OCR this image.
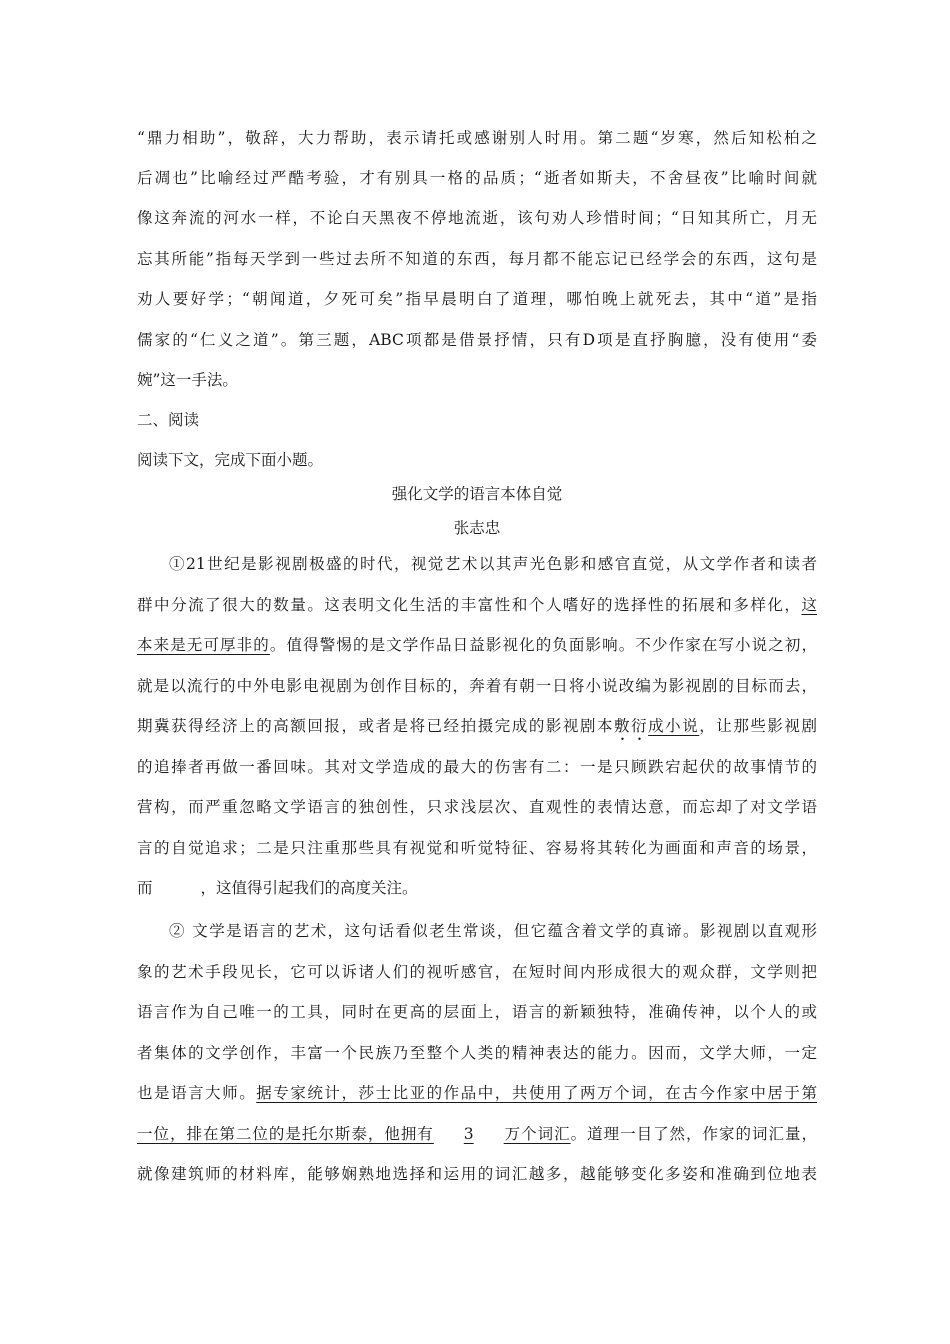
“鼎力相助”，敬辞，大力帮助，表示请托或感谢别人时用。第二题“岁寒，然后知松柏之
后凋也”比喻经过严酷考验，才有别具一格的品质；“逝者如斯夫，不舍昼夜”比喻时间就
像这奔流的河水一样，不论白天黑夜不停地流逝，该句劝人珍惜时间；“日知其所亡，月无
忘其所能”指每天学到一些过去所不知道的东西，每月都不能忘记已经学会的东西，这句是
劝人要好学；“朝闻道，夕死可矣”指早晨明白了道理，哪怕晚上就死去，其中“道”是指
儒家的“仁义之道”。第三题，ABC项都是借景抒情，只有D项是直抒胸臆，没有使用“委
婉”这一手法。
二、阅读
阅读下文，完成下面小题。
强化文学的语言本体自觉
张志忠
①21世纪是影视剧极盛的时代，视觉艺术以其声光色影和感官直觉，从文学作者和读者
群中分流了很大的数量。这表明文化生活的丰富性和个人嗜好的选择性的拓展和多样化，这
本来是无可厚非的。值得警惕的是文学作品日益影视化的负面影响。不少作家在写小说之初，
就是以流行的中外电影电视剧为创作目标的，奔着有朝一日将小说改编为影视剧的目标而去，
期冀获得经济上的高额回报，或者是将已经拍摄完成的影视剧本敷衍成小说，让那些影视剧
的追捧者再做一番回味。其对文学造成的最大的伤害有二：一是只顾跌宕起伏的故事情节的
营构，而严重忽略文学语言的独创性，只求浅层次、直观性的表情达意，而忘却了对文学语
言的自觉追求；二是只注重那些具有视觉和听觉特征、容易将其转化为画面和声音的场景，
而	，这值得引起我们的高度关注。
② 文学是语言的艺术，这句话看似老生常谈，但它蕴含着文学的真谛。影视剧以直观形
象的艺术手段见长，它可以诉诸人们的视听感官，在短时间内形成很大的观众群，文学则把
语言作为自己唯一的工具，同时在更高的层面上，语言的新颖独特，准确传神，以个人的或
者集体的文学创作，丰富一个民族乃至整个人类的精神表达的能力。因而，文学大师，一定
也是语言大师。据专家统计，莎士比亚的作品中，共使用了两万个词，在古今作家中居于第
一位，排在第二位的是托尔斯泰，他拥有 3 万个词汇。道理一目了然，作家的词汇量，
就像建筑师的材料库，能够娴熟地选择和运用的词汇越多，越能够变化多姿和准确到位地表
